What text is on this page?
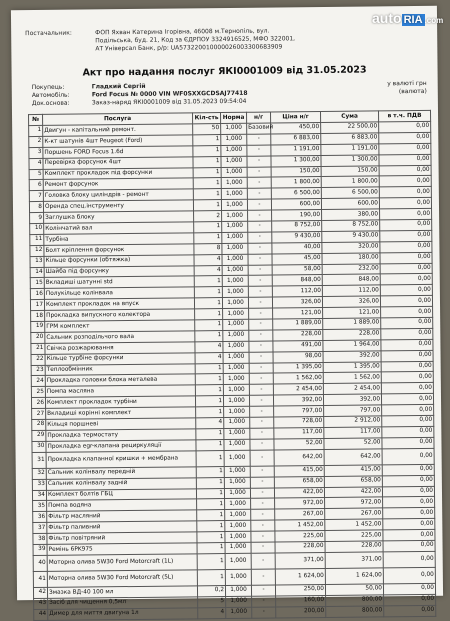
auto RIA .com
Постачальник:	ФОП Яхван Катерина Ігорівна, 46008 м.Тернопіль, вул.
Подільська, буд. 21, Код за ЄДРПОУ 3324916525, МФО 322001,
АТ Універсал Банк, р/р: UA573220010000026003300683909
Акт про надання послуг ЯКІ0001009 від 31.05.2023
Покупець:	Гладкий Сергій	у валюті грн
Автомобіль:	Ford Focus № 0000 VIN WF0SXXGCDSAJ77418	(валюта)
Док.основа:	Заказ-наряд ЯКІ0001009 від 31.05.2023 09:54:04
№	Послуга	Кіл-сть	Норма	н/г	Ціна н/г	Сума	в т.ч. ПДВ
1	Двигун - капітальний ремонт.	50	1,000	Базовий	450,00	22 500,00	0,00
2	К-кт шатунів 4шт Peugeot (Ford)	1	1,000	-	6 883,00	6 883,00	0,00
3	Поршень FORD Focus 1.6d	1	1,000	-	1 191,00	1 191,00	0,00
4	Перевірка форсунок 4шт	1	1,000	-	1 300,00	1 300,00	0,00
5	Комплект прокладок під форсунки	1	1,000	-	150,00	150,00	0,00
6	Ремонт форсунок	1	1,000	-	1 800,00	1 800,00	0,00
7	Головка блоку циліндрів - ремонт	1	1,000	-	6 500,00	6 500,00	0,00
8	Оренда спец.інструменту	1	1,000	-	600,00	600,00	0,00
9	Заглушка блоку	2	1,000	-	190,00	380,00	0,00
10	Колінчатий вал	1	1,000	-	8 752,00	8 752,00	0,00
11	Турбіна	1	1,000	-	9 430,00	9 430,00	0,00
12	Болт кріплення форсунок	8	1,000	-	40,00	320,00	0,00
13	Кільце форсунки (обтяжка)	4	1,000	-	45,00	180,00	0,00
14	Шайба під форсунку	4	1,000	-	58,00	232,00	0,00
15	Вкладиші шатунні std	1	1,000	-	848,00	848,00	0,00
16	Полукільце колінвала	1	1,000	-	112,00	112,00	0,00
17	Комплект прокладок на впуск	1	1,000	-	326,00	326,00	0,00
18	Прокладка випускного колектора	1	1,000	-	121,00	121,00	0,00
19	ГРМ комплект	1	1,000	-	1 889,00	1 889,00	0,00
20	Сальник розподільчого вала	1	1,000	-	228,00	228,00	0,00
21	Свічка розжарювання	4	1,000	-	491,00	1 964,00	0,00
22	Кільце турбіне форсунки	4	1,000	-	98,00	392,00	0,00
23	Теплообмінник	1	1,000	-	1 395,00	1 395,00	0,00
24	Прокладка головки блока металева	1	1,000	-	1 562,00	1 562,00	0,00
25	Помпа масляна	1	1,000	-	2 454,00	2 454,00	0,00
26	Комплект прокладок турбіни	1	1,000	-	392,00	392,00	0,00
27	Вкладиші корінні комплект	1	1,000	-	797,00	797,00	0,00
28	Кільця поршневі	4	1,000	-	728,00	2 912,00	0,00
29	Прокладка термостату	1	1,000	-	117,00	117,00	0,00
30	Прокладка egr-клапана рециркуляції	1	1,000	-	52,00	52,00	0,00
31	Прокладка клапанної кришки + мембрана	1	1,000	-	642,00	642,00	0,00
32	Сальник колінвалу передній	1	1,000	-	415,00	415,00	0,00
33	Сальник колінвалу задній	1	1,000	-	658,00	658,00	0,00
34	Комплект болтів ГБЦ	1	1,000	-	422,00	422,00	0,00
35	Помпа водяна	1	1,000	-	972,00	972,00	0,00
36	Фільтр масляний	1	1,000	-	267,00	267,00	0,00
37	Фільтр паливний	1	1,000	-	1 452,00	1 452,00	0,00
38	Фільтр повітряний	1	1,000	-	225,00	225,00	0,00
39	Ремінь 6PK975	1	1,000	-	228,00	228,00	0,00
40	Моторна олива 5W30 Ford Motorcraft (1L)	1	1,000	-	371,00	371,00	0,00
41	Моторна олива 5W30 Ford Motorcraft (5L)	1	1,000	-	1 624,00	1 624,00	0,00
42	Змазка ВД-40 100 мл	0,2	1,000	-	250,00	50,00	0,00
43	Засіб для чищення 0,5мл	5	1,000	-	160,00	800,00	0,00
44	Димер для миття двигуна 1л	4	1,000	-	200,00	800,00	0,00
